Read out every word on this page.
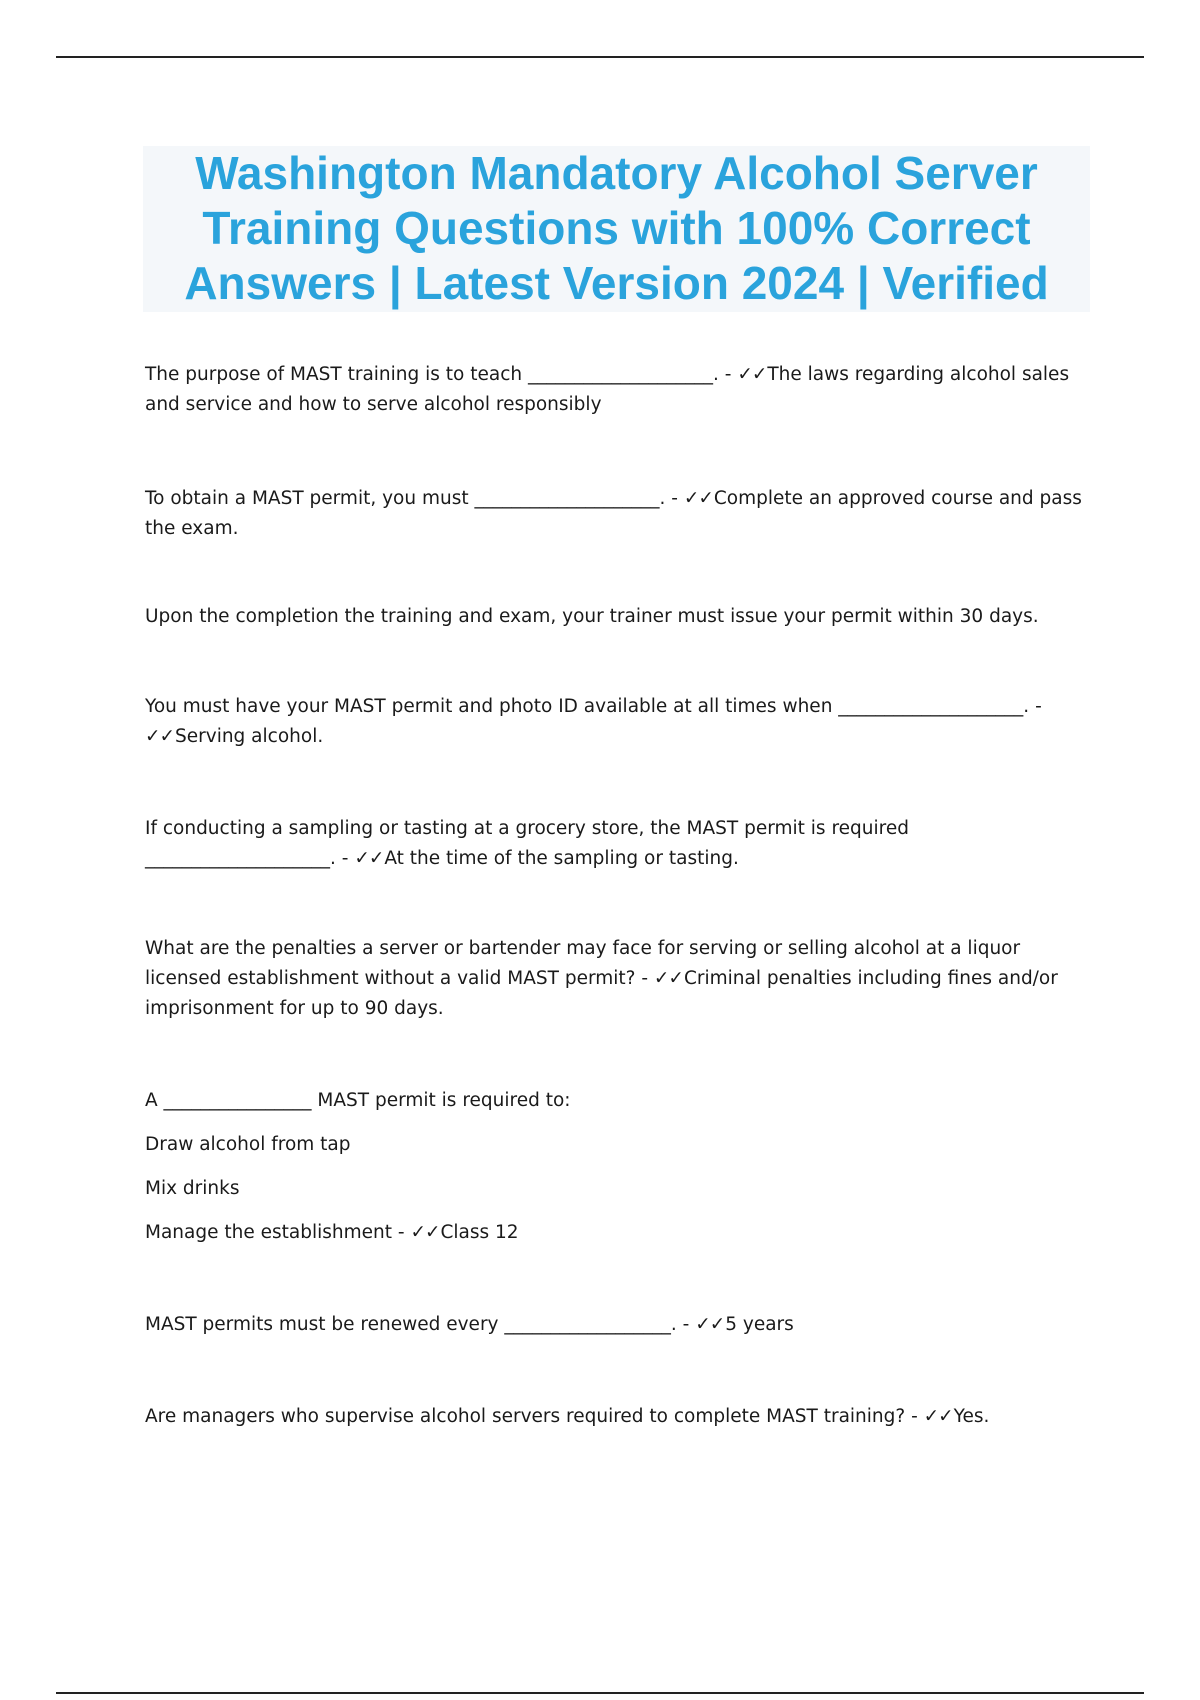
Washington Mandatory Alcohol Server
Training Questions with 100% Correct
Answers | Latest Version 2024 | Verified

The purpose of MAST training is to teach ____________________. - ✓✓The laws regarding alcohol sales and service and how to serve alcohol responsibly

To obtain a MAST permit, you must ____________________. - ✓✓Complete an approved course and pass the exam.

Upon the completion the training and exam, your trainer must issue your permit within 30 days.

You must have your MAST permit and photo ID available at all times when ____________________. - ✓✓Serving alcohol.

If conducting a sampling or tasting at a grocery store, the MAST permit is required ____________________. - ✓✓At the time of the sampling or tasting.

What are the penalties a server or bartender may face for serving or selling alcohol at a liquor licensed establishment without a valid MAST permit? - ✓✓Criminal penalties including fines and/or imprisonment for up to 90 days.

A ________________ MAST permit is required to:
Draw alcohol from tap
Mix drinks
Manage the establishment - ✓✓Class 12

MAST permits must be renewed every __________________. - ✓✓5 years

Are managers who supervise alcohol servers required to complete MAST training? - ✓✓Yes.
